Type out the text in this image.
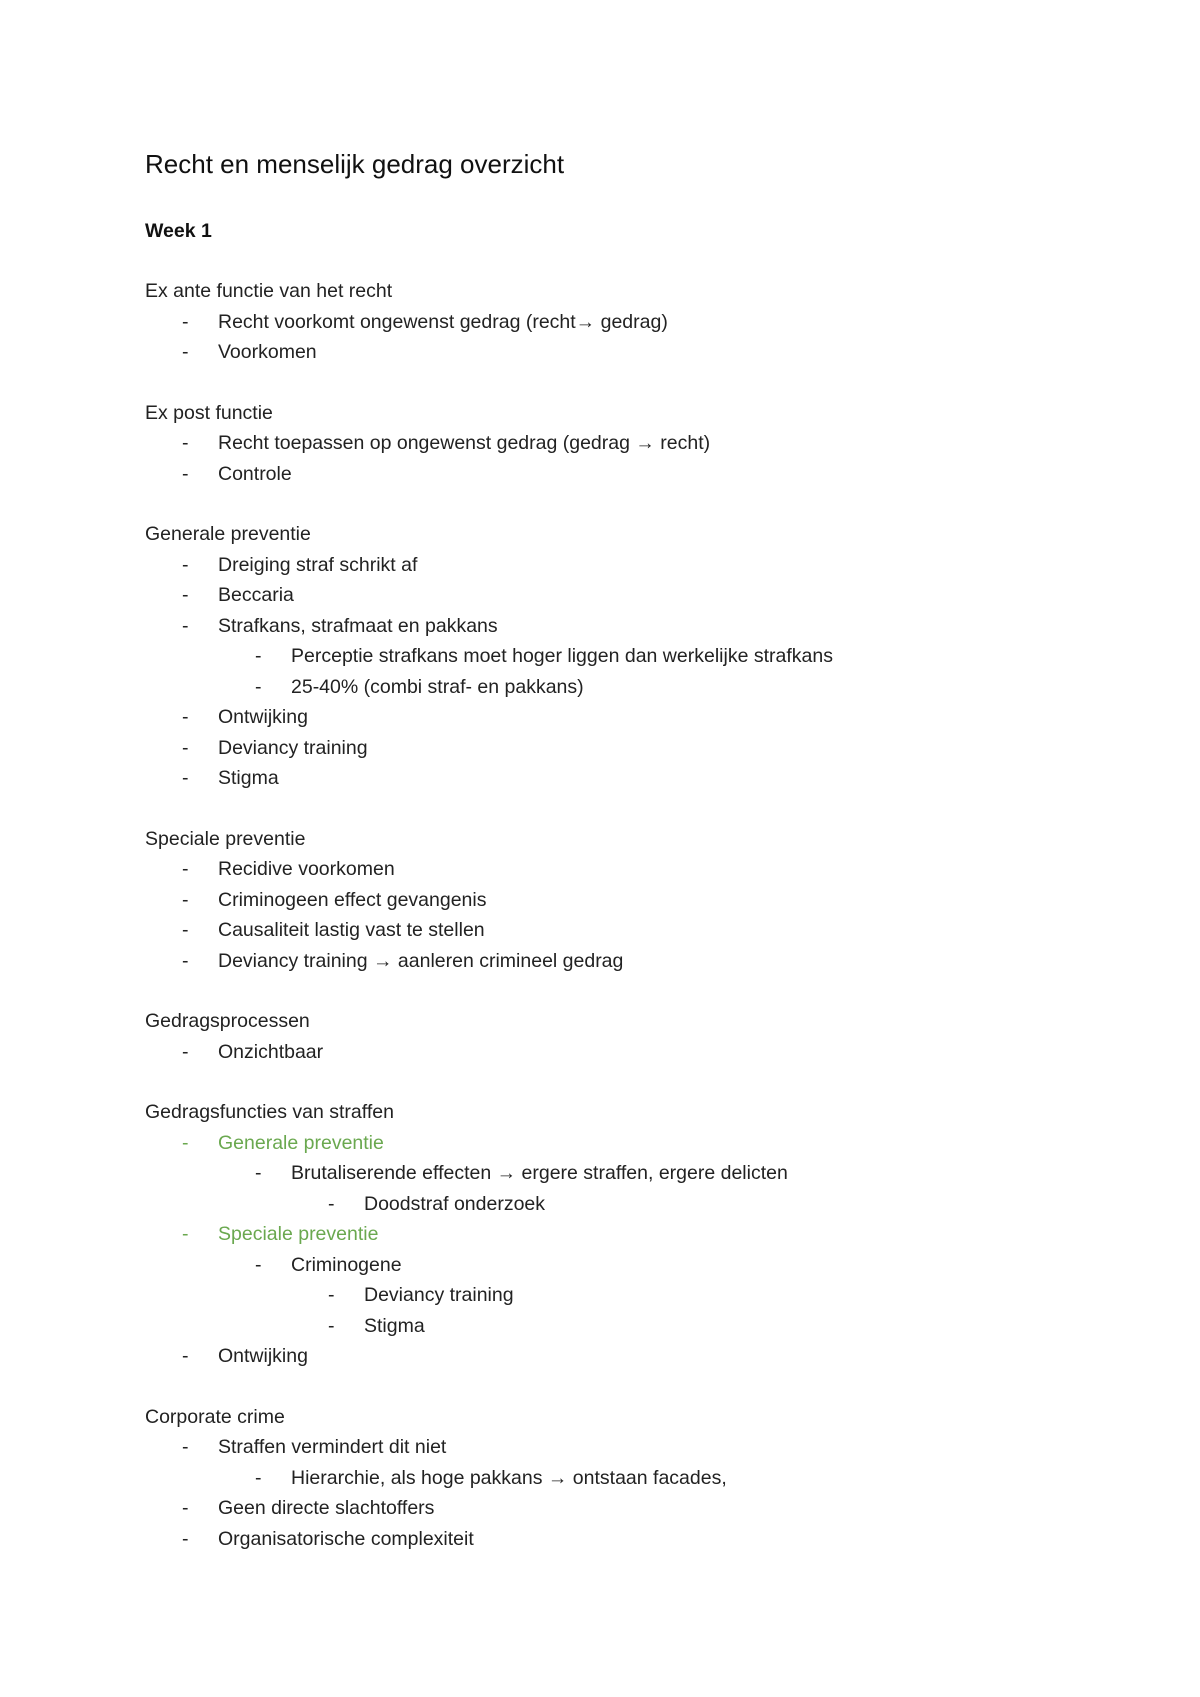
Recht en menselijk gedrag overzicht
Week 1

Ex ante functie van het recht

-	Recht voorkomt ongewenst gedrag (recht→ gedrag)
-	Voorkomen

Ex post functie

-	Recht toepassen op ongewenst gedrag (gedrag → recht)
-	Controle

Generale preventie

-	Dreiging straf schrikt af
-	Beccaria
-	Strafkans, strafmaat en pakkans
-	Perceptie strafkans moet hoger liggen dan werkelijke strafkans
-	25-40% (combi straf- en pakkans)
-	Ontwijking
-	Deviancy training
-	Stigma

Speciale preventie

-	Recidive voorkomen
-	Criminogeen effect gevangenis
-	Causaliteit lastig vast te stellen
-	Deviancy training → aanleren crimineel gedrag

Gedragsprocessen

-	Onzichtbaar

Gedragsfuncties van straffen

-	Generale preventie
-	Brutaliserende effecten → ergere straffen, ergere delicten
-	Doodstraf onderzoek
-	Speciale preventie
-	Criminogene
-	Deviancy training
-	Stigma
-	Ontwijking

Corporate crime

-	Straffen vermindert dit niet
-	Hierarchie, als hoge pakkans → ontstaan facades,
-	Geen directe slachtoffers
-	Organisatorische complexiteit
